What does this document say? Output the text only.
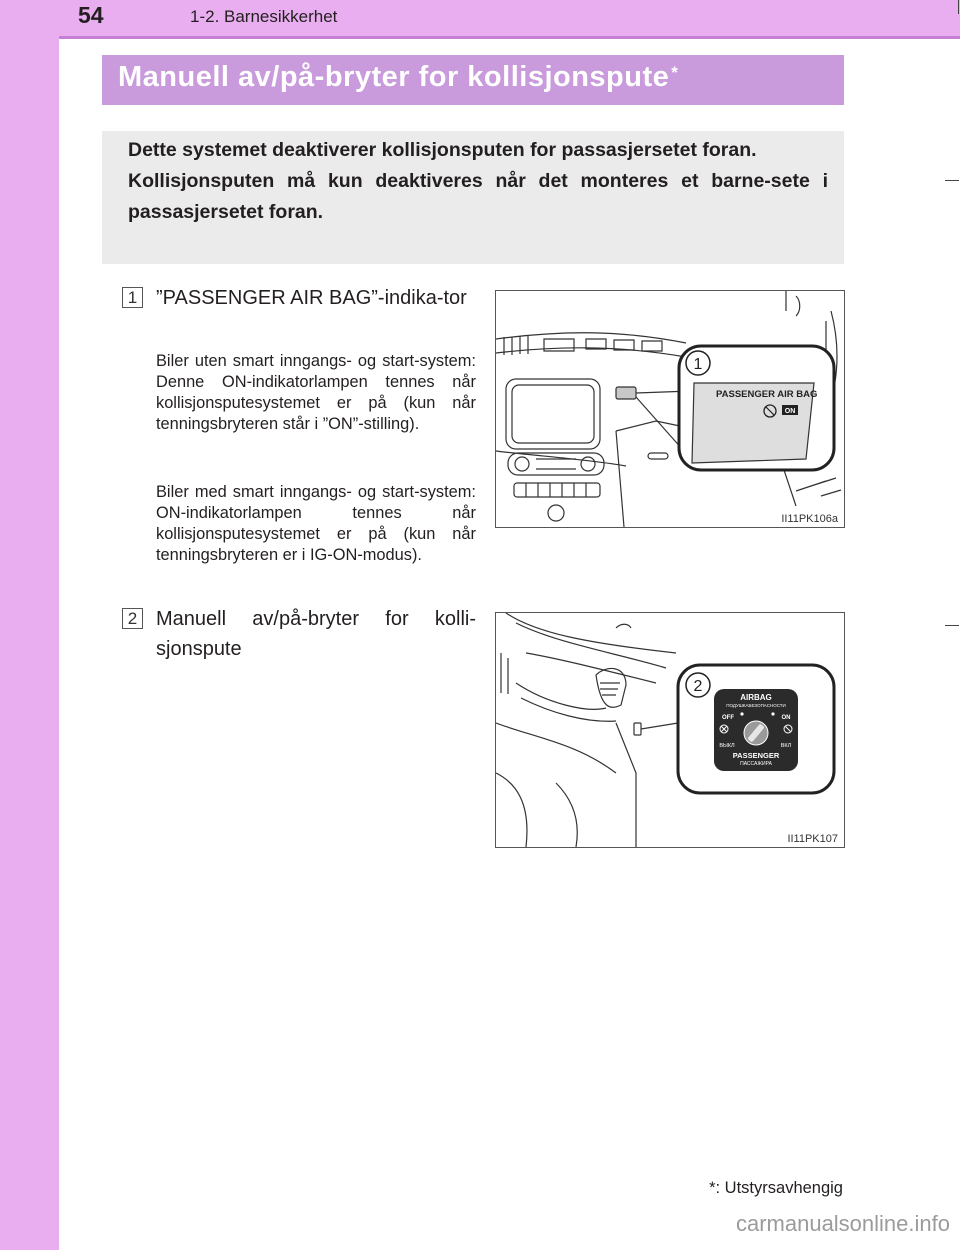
54	1-2. Barnesikkerhet
Manuell av/på-bryter for kollisjonspute *

Dette systemet deaktiverer kollisjonsputen for passasjersetet foran.

Kollisjonsputen må kun deaktiveres når det monteres et barne-sete i passasjersetet foran.

1 ”PASSENGER AIR BAG”-indika-tor

Biler uten smart inngangs- og start-system: Denne ON-indikatorlampen tennes når kollisjonsputesystemet er på (kun når tenningsbryteren står i ”ON”-stilling).

Biler med smart inngangs- og start-system: ON-indikatorlampen tennes når kollisjonsputesystemet er på (kun når tenningsbryteren er i IG-ON-modus).

2 Manuell av/på-bryter for kolli-sjonspute
1
PASSENGER AIR BAG
ON
II11PK106a
2
AIRBAG
ПОДУШКАБЕЗОПАСНОСТИ
OFF	ON
ВЫКЛ	ВКЛ
PASSENGER
ПАССАЖИРА
II11PK107
*: Utstyrsavhengig
carmanualsonline.info
